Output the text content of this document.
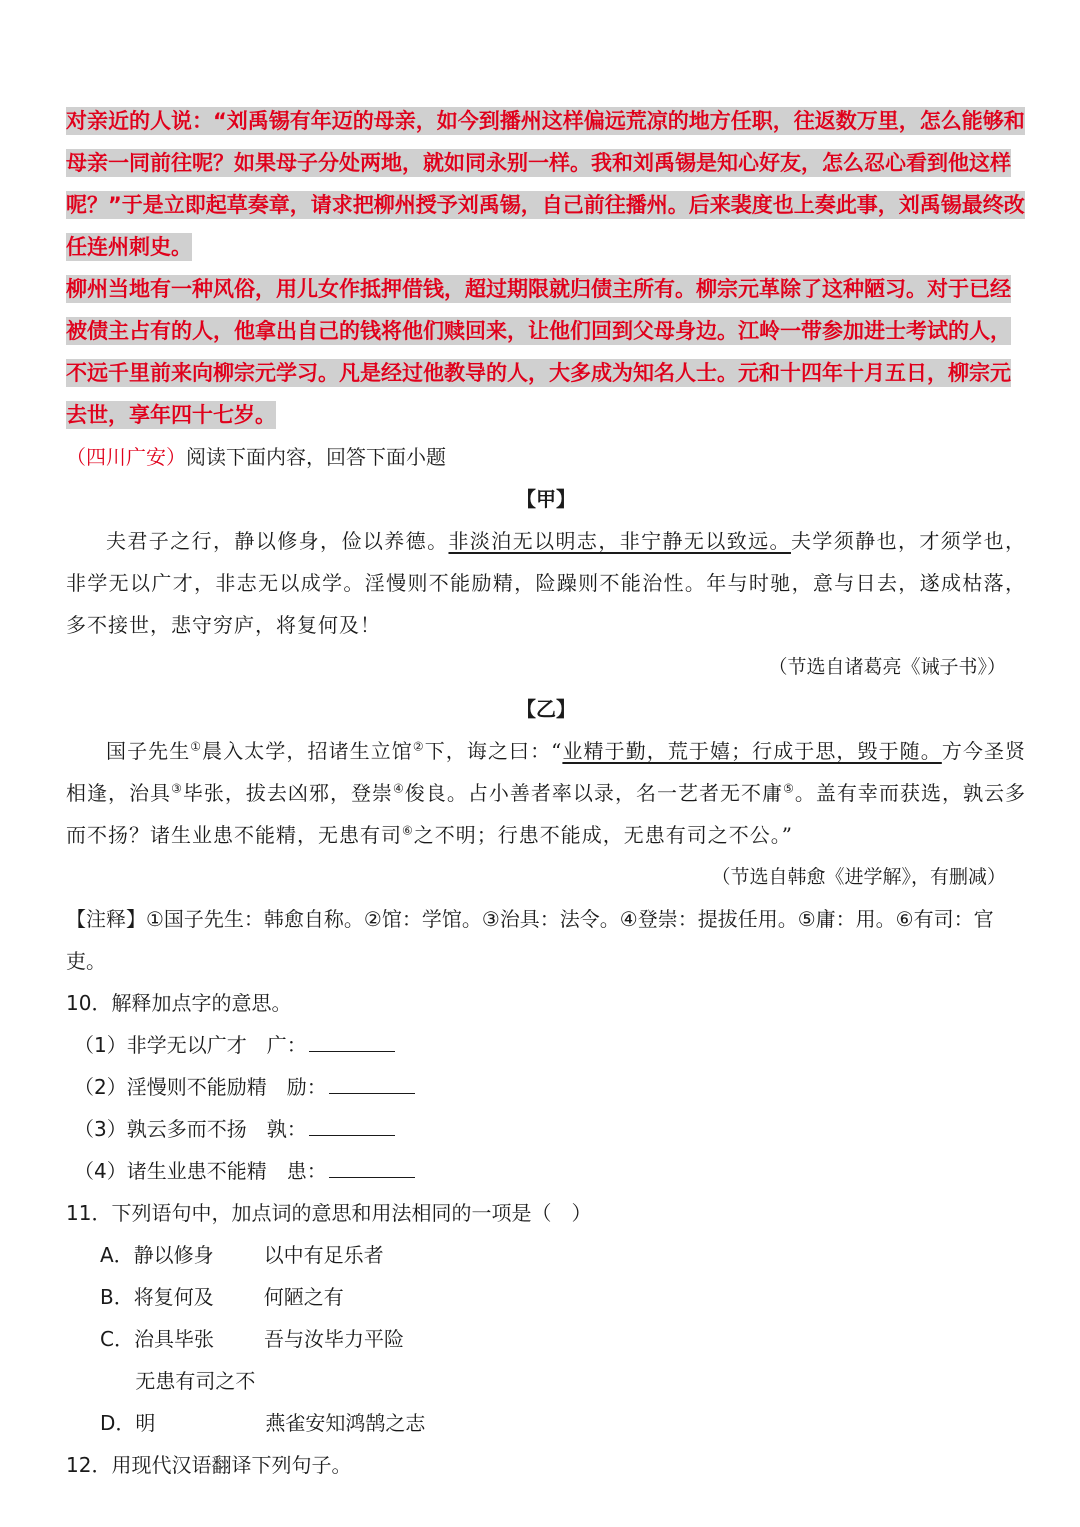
对亲近的人说：“刘禹锡有年迈的母亲，如今到播州这样偏远荒凉的地方任职，往返数万里，怎么能够和母亲一同前往呢？如果母子分处两地，就如同永别一样。我和刘禹锡是知心好友，怎么忍心看到他这样呢？”于是立即起草奏章，请求把柳州授予刘禹锡，自己前往播州。后来裴度也上奏此事，刘禹锡最终改任连州刺史。

柳州当地有一种风俗，用儿女作抵押借钱，超过期限就归债主所有。柳宗元革除了这种陋习。对于已经被债主占有的人，他拿出自己的钱将他们赎回来，让他们回到父母身边。江岭一带参加进士考试的人，不远千里前来向柳宗元学习。凡是经过他教导的人，大多成为知名人士。元和十四年十月五日，柳宗元去世，享年四十七岁。

（四川广安）阅读下面内容，回答下面小题

【甲】

夫君子之行，静以修身，俭以养德。非淡泊无以明志，非宁静无以致远。夫学须静也，才须学也，非学无以广才，非志无以成学。淫慢则不能励精，险躁则不能治性。年与时驰，意与日去，遂成枯落，多不接世，悲守穷庐，将复何及！

（节选自诸葛亮《诫子书》）

【乙】

国子先生①晨入太学，招诸生立馆②下，诲之曰：“业精于勤，荒于嬉；行成于思，毁于随。方今圣贤相逢，治具③毕张，拔去凶邪，登崇④俊良。占小善者率以录，名一艺者无不庸⑤。盖有幸而获选，孰云多而不扬？诸生业患不能精，无患有司⑥之不明；行患不能成，无患有司之不公。”

（节选自韩愈《进学解》，有删减）

【注释】①国子先生：韩愈自称。②馆：学馆。③治具：法令。④登崇：提拔任用。⑤庸：用。⑥有司：官吏。

10．解释加点字的意思。

（1）非学无以广才　广：

（2）淫慢则不能励精　励：

（3）孰云多而不扬　孰：

（4）诸生业患不能精　患：

11．下列语句中，加点词的意思和用法相同的一项是（　）

A．静以修身	以中有足乐者

B．将复何及	何陋之有

C．治具毕张	吾与汝毕力平险

D．无患有司之不明	燕雀安知鸿鹄之志

12．用现代汉语翻译下列句子。
